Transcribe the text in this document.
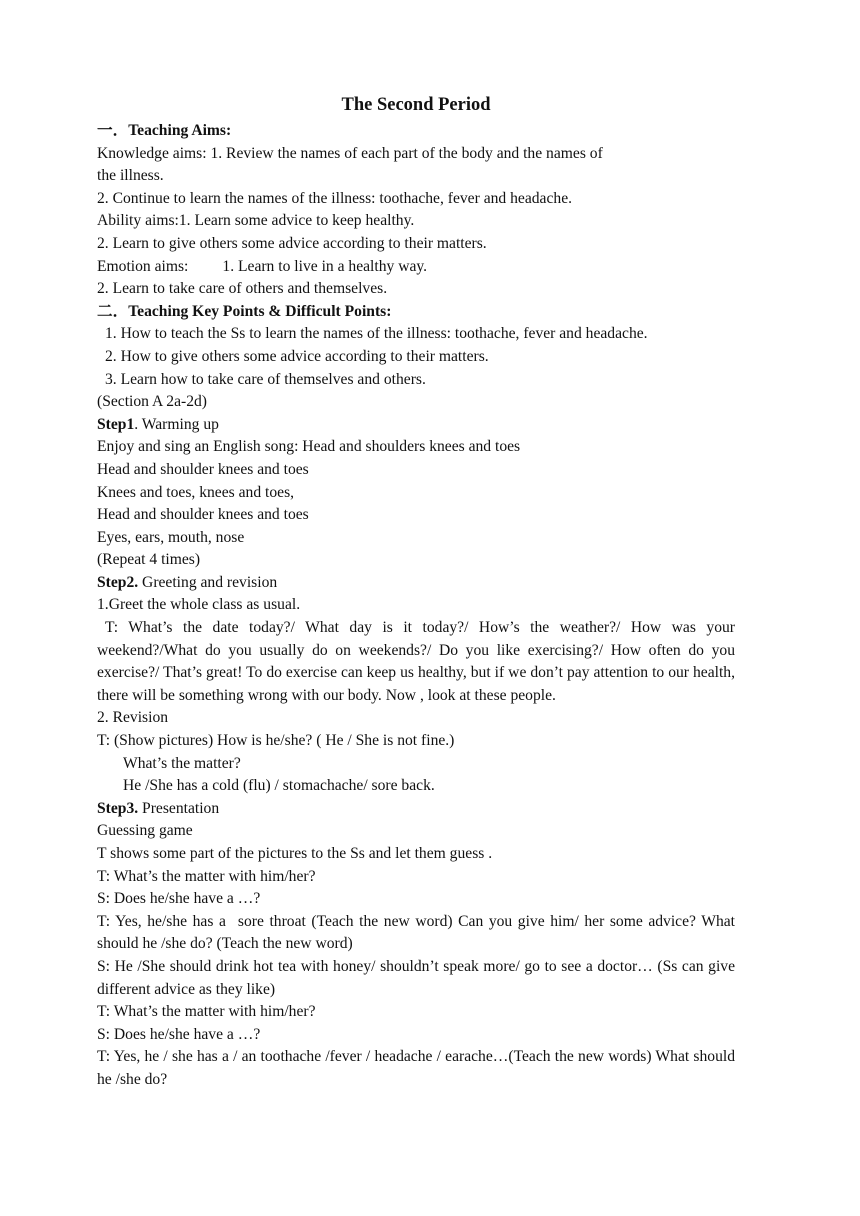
The Second Period
一．Teaching Aims:
Knowledge aims: 1. Review the names of each part of the body and the names of
the illness.
2. Continue to learn the names of the illness: toothache, fever and headache.
Ability aims:1. Learn some advice to keep healthy.
2. Learn to give others some advice according to their matters.
Emotion aims: 1. Learn to live in a healthy way.
2. Learn to take care of others and themselves.
二．Teaching Key Points & Difficult Points:
1. How to teach the Ss to learn the names of the illness: toothache, fever and headache.
2. How to give others some advice according to their matters.
3. Learn how to take care of themselves and others.
(Section A 2a-2d)
Step1. Warming up
Enjoy and sing an English song: Head and shoulders knees and toes
Head and shoulder knees and toes
Knees and toes, knees and toes,
Head and shoulder knees and toes
Eyes, ears, mouth, nose
(Repeat 4 times)
Step2. Greeting and revision
1.Greet the whole class as usual.
T: What’s the date today?/ What day is it today?/ How’s the weather?/ How was your weekend?/What do you usually do on weekends?/ Do you like exercising?/ How often do you exercise?/ That’s great! To do exercise can keep us healthy, but if we don’t pay attention to our health, there will be something wrong with our body. Now , look at these people.
2. Revision
T: (Show pictures) How is he/she? ( He / She is not fine.)
What’s the matter?
He /She has a cold (flu) / stomachache/ sore back.
Step3. Presentation
Guessing game
T shows some part of the pictures to the Ss and let them guess .
T: What’s the matter with him/her?
S: Does he/she have a …?
T: Yes, he/she has a sore throat (Teach the new word) Can you give him/ her some advice? What should he /she do? (Teach the new word)
S: He /She should drink hot tea with honey/ shouldn’t speak more/ go to see a doctor… (Ss can give different advice as they like)
T: What’s the matter with him/her?
S: Does he/she have a …?
T: Yes, he / she has a / an toothache /fever / headache / earache…(Teach the new words) What should he /she do?
